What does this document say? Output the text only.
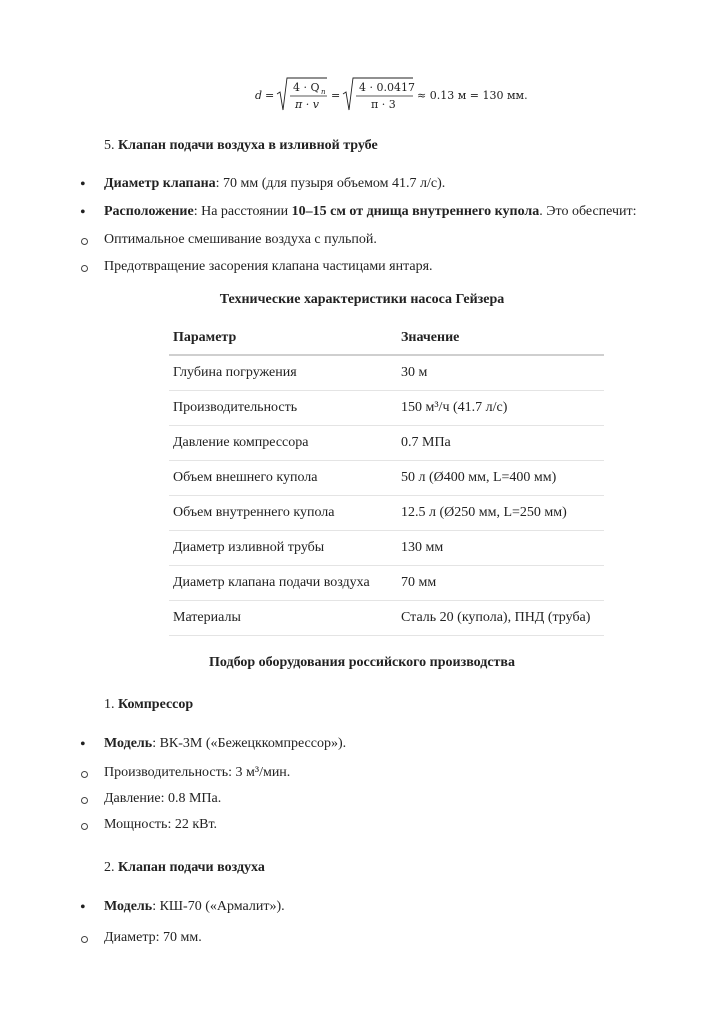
d =
4 · Q n
π · v
=
4 · 0.0417
π · 3
≈ 0.13 м = 130 мм.
5. Клапан подачи воздуха в изливной трубе
• Диаметр клапана: 70 мм (для пузыря объемом 41.7 л/с).
• Расположение: На расстоянии 10–15 см от днища внутреннего купола. Это обеспечит:
Оптимальное смешивание воздуха с пульпой.
Предотвращение засорения клапана частицами янтаря.
Технические характеристики насоса Гейзера
Параметр	Значение
Глубина погружения	30 м
Производительность	150 м³/ч (41.7 л/с)
Давление компрессора	0.7 МПа
Объем внешнего купола	50 л (Ø400 мм, L=400 мм)
Объем внутреннего купола	12.5 л (Ø250 мм, L=250 мм)
Диаметр изливной трубы	130 мм
Диаметр клапана подачи воздуха	70 мм
Материалы	Сталь 20 (купола), ПНД (труба)
Подбор оборудования российского производства
1. Компрессор
• Модель: ВК-3М («Бежецккомпрессор»).
Производительность: 3 м³/мин.
Давление: 0.8 МПа.
Мощность: 22 кВт.
2. Клапан подачи воздуха
• Модель: КШ-70 («Армалит»).
Диаметр: 70 мм.
